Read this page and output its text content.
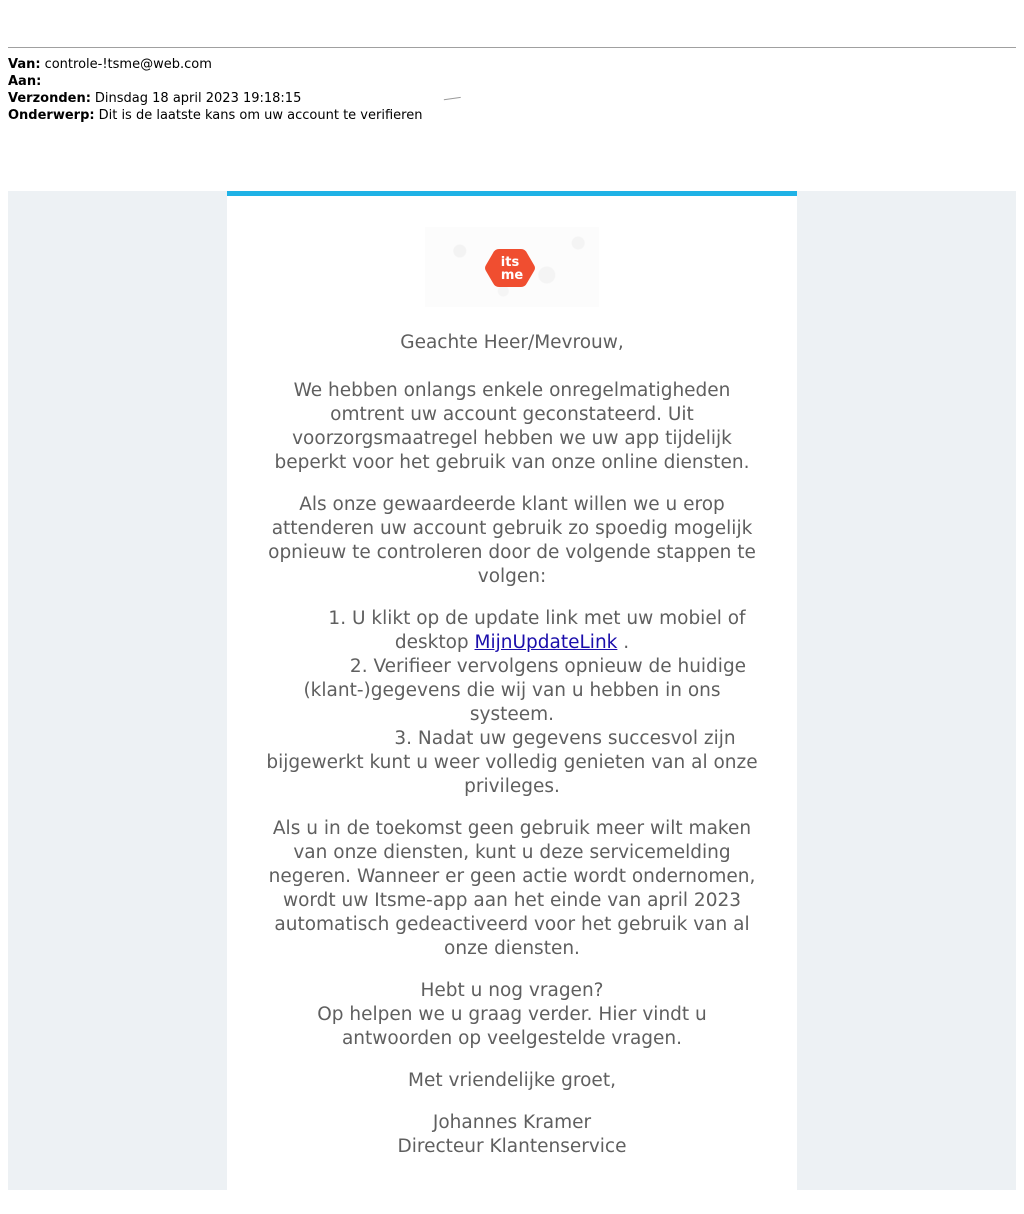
Van: controle-!tsme@web.com
Aan:
Verzonden: Dinsdag 18 april 2023 19:18:15
Onderwerp: Dit is de laatste kans om uw account te verifieren
its
me

Geachte Heer/Mevrouw,

We hebben onlangs enkele onregelmatigheden omtrent uw account geconstateerd. Uit voorzorgsmaatregel hebben we uw app tijdelijk beperkt voor het gebruik van onze online diensten.

Als onze gewaardeerde klant willen we u erop attenderen uw account gebruik zo spoedig mogelijk opnieuw te controleren door de volgende stappen te volgen:

1. U klikt op de update link met uw mobiel of

desktop MijnUpdateLink .

2. Verifieer vervolgens opnieuw de huidige

(klant-)gegevens die wij van u hebben in ons systeem.

3. Nadat uw gegevens succesvol zijn

bijgewerkt kunt u weer volledig genieten van al onze privileges.

Als u in de toekomst geen gebruik meer wilt maken van onze diensten, kunt u deze servicemelding negeren. Wanneer er geen actie wordt ondernomen, wordt uw Itsme-app aan het einde van april 2023 automatisch gedeactiveerd voor het gebruik van al onze diensten.

Hebt u nog vragen?

Op helpen we u graag verder. Hier vindt u antwoorden op veelgestelde vragen.

Met vriendelijke groet,

Johannes Kramer

Directeur Klantenservice
